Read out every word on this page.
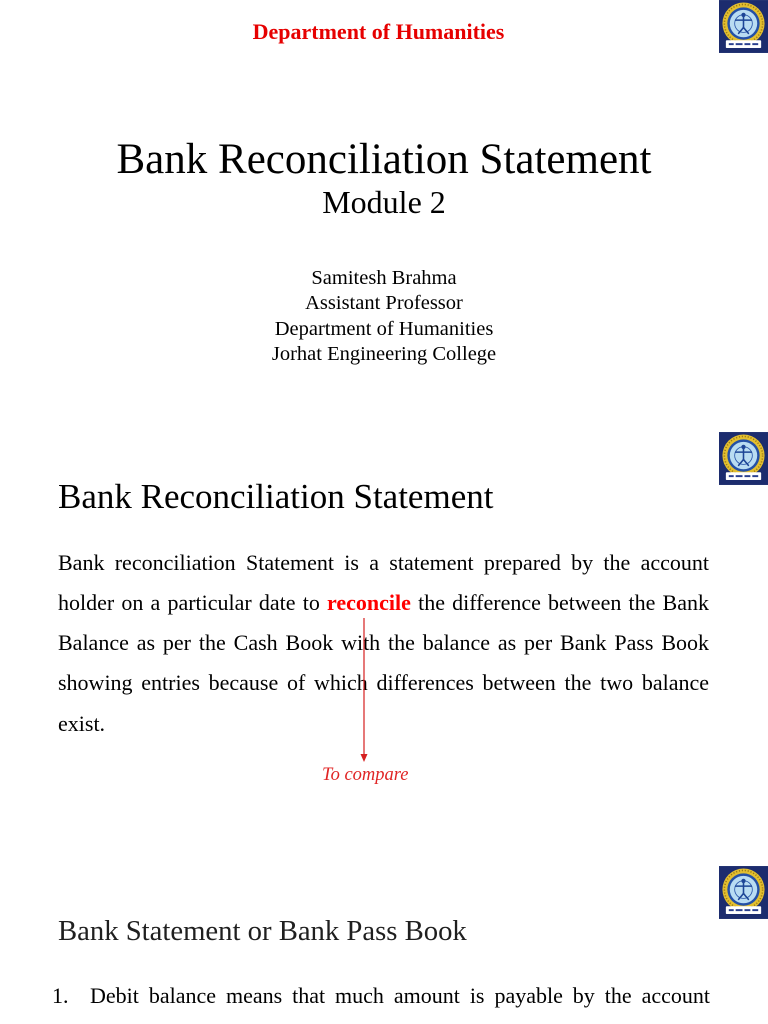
Department of Humanities
Bank Reconciliation Statement
Module 2
Samitesh Brahma
Assistant Professor
Department of Humanities
Jorhat Engineering College
Bank Reconciliation Statement

Bank reconciliation Statement is a statement prepared by the account holder on a particular date to reconcile the difference between the Bank Balance as per the Cash Book with the balance as per Bank Pass Book showing entries because of which differences between the two balance exist.

To compare
Bank Statement or Bank Pass Book
1. Debit balance means that much amount is payable by the account
